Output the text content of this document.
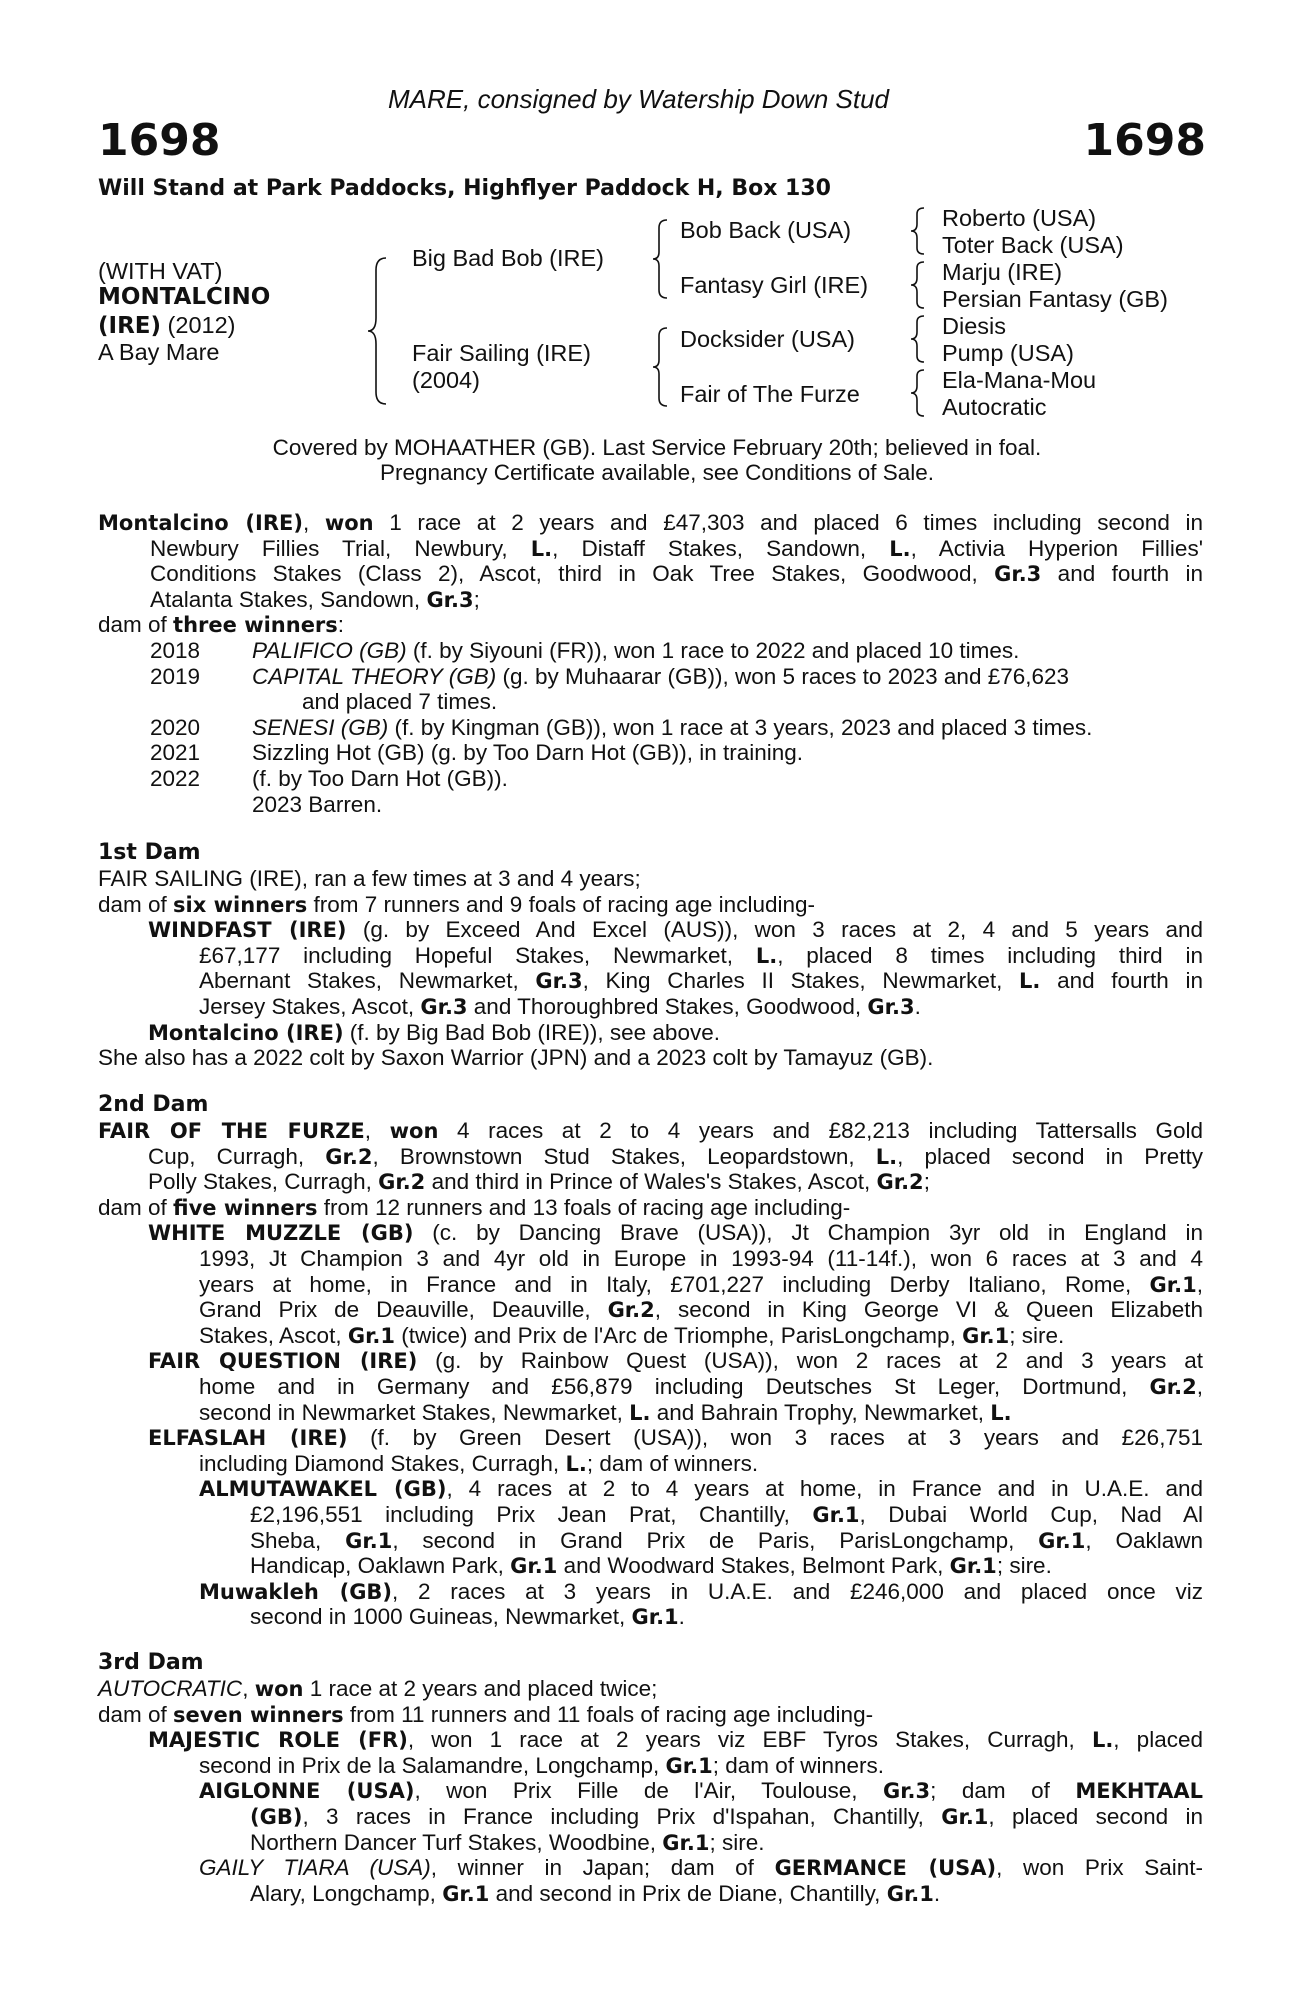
MARE, consigned by Watership Down Stud
1698	1698
Will Stand at Park Paddocks, Highflyer Paddock H, Box 130
(WITH VAT)
MONTALCINO
(IRE) (2012)
A Bay Mare
Big Bad Bob (IRE)
Fair Sailing (IRE)
(2004)
Bob Back (USA)
Fantasy Girl (IRE)
Docksider (USA)
Fair of The Furze
Roberto (USA)
Toter Back (USA)
Marju (IRE)
Persian Fantasy (GB)
Diesis
Pump (USA)
Ela-Mana-Mou
Autocratic
Covered by MOHAATHER (GB). Last Service February 20th; believed in foal.
Pregnancy Certificate available, see Conditions of Sale.
Montalcino (IRE), won 1 race at 2 years and £47,303 and placed 6 times including second in
Newbury Fillies Trial, Newbury, L., Distaff Stakes, Sandown, L., Activia Hyperion Fillies'
Conditions Stakes (Class 2), Ascot, third in Oak Tree Stakes, Goodwood, Gr.3 and fourth in
Atalanta Stakes, Sandown, Gr.3;
dam of three winners:
2018 PALIFICO (GB) (f. by Siyouni (FR)), won 1 race to 2022 and placed 10 times.
2019 CAPITAL THEORY (GB) (g. by Muhaarar (GB)), won 5 races to 2023 and £76,623
and placed 7 times.
2020 SENESI (GB) (f. by Kingman (GB)), won 1 race at 3 years, 2023 and placed 3 times.
2021 Sizzling Hot (GB) (g. by Too Darn Hot (GB)), in training.
2022 (f. by Too Darn Hot (GB)).
2023 Barren.
1st Dam
FAIR SAILING (IRE), ran a few times at 3 and 4 years;
dam of six winners from 7 runners and 9 foals of racing age including-
WINDFAST (IRE) (g. by Exceed And Excel (AUS)), won 3 races at 2, 4 and 5 years and
£67,177 including Hopeful Stakes, Newmarket, L., placed 8 times including third in
Abernant Stakes, Newmarket, Gr.3, King Charles II Stakes, Newmarket, L. and fourth in
Jersey Stakes, Ascot, Gr.3 and Thoroughbred Stakes, Goodwood, Gr.3.
Montalcino (IRE) (f. by Big Bad Bob (IRE)), see above.
She also has a 2022 colt by Saxon Warrior (JPN) and a 2023 colt by Tamayuz (GB).
2nd Dam
FAIR OF THE FURZE, won 4 races at 2 to 4 years and £82,213 including Tattersalls Gold
Cup, Curragh, Gr.2, Brownstown Stud Stakes, Leopardstown, L., placed second in Pretty
Polly Stakes, Curragh, Gr.2 and third in Prince of Wales's Stakes, Ascot, Gr.2;
dam of five winners from 12 runners and 13 foals of racing age including-
WHITE MUZZLE (GB) (c. by Dancing Brave (USA)), Jt Champion 3yr old in England in
1993, Jt Champion 3 and 4yr old in Europe in 1993-94 (11-14f.), won 6 races at 3 and 4
years at home, in France and in Italy, £701,227 including Derby Italiano, Rome, Gr.1,
Grand Prix de Deauville, Deauville, Gr.2, second in King George VI & Queen Elizabeth
Stakes, Ascot, Gr.1 (twice) and Prix de l'Arc de Triomphe, ParisLongchamp, Gr.1; sire.
FAIR QUESTION (IRE) (g. by Rainbow Quest (USA)), won 2 races at 2 and 3 years at
home and in Germany and £56,879 including Deutsches St Leger, Dortmund, Gr.2,
second in Newmarket Stakes, Newmarket, L. and Bahrain Trophy, Newmarket, L.
ELFASLAH (IRE) (f. by Green Desert (USA)), won 3 races at 3 years and £26,751
including Diamond Stakes, Curragh, L.; dam of winners.
ALMUTAWAKEL (GB), 4 races at 2 to 4 years at home, in France and in U.A.E. and
£2,196,551 including Prix Jean Prat, Chantilly, Gr.1, Dubai World Cup, Nad Al
Sheba, Gr.1, second in Grand Prix de Paris, ParisLongchamp, Gr.1, Oaklawn
Handicap, Oaklawn Park, Gr.1 and Woodward Stakes, Belmont Park, Gr.1; sire.
Muwakleh (GB), 2 races at 3 years in U.A.E. and £246,000 and placed once viz
second in 1000 Guineas, Newmarket, Gr.1.
3rd Dam
AUTOCRATIC, won 1 race at 2 years and placed twice;
dam of seven winners from 11 runners and 11 foals of racing age including-
MAJESTIC ROLE (FR), won 1 race at 2 years viz EBF Tyros Stakes, Curragh, L., placed
second in Prix de la Salamandre, Longchamp, Gr.1; dam of winners.
AIGLONNE (USA), won Prix Fille de l'Air, Toulouse, Gr.3; dam of MEKHTAAL
(GB), 3 races in France including Prix d'Ispahan, Chantilly, Gr.1, placed second in
Northern Dancer Turf Stakes, Woodbine, Gr.1; sire.
GAILY TIARA (USA), winner in Japan; dam of GERMANCE (USA), won Prix Saint-
Alary, Longchamp, Gr.1 and second in Prix de Diane, Chantilly, Gr.1.
